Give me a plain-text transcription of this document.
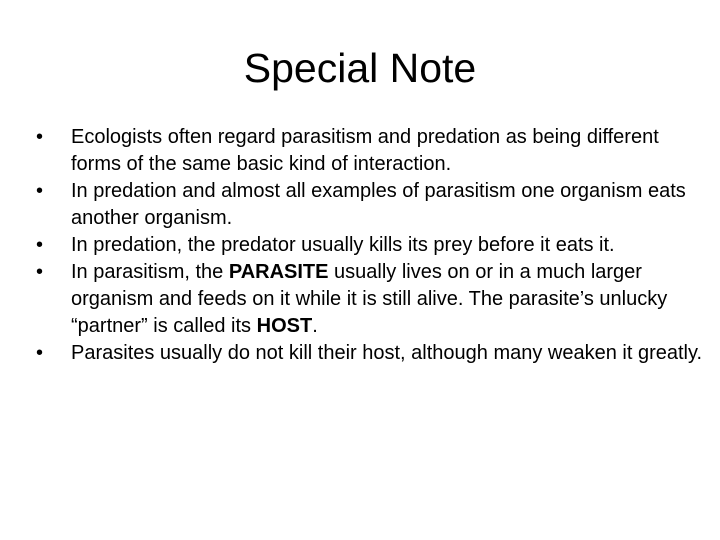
Special Note
•	Ecologists often regard parasitism and predation as being different forms of the same basic kind of interaction.
•	In predation and almost all examples of parasitism one organism eats another organism.
•	In predation, the predator usually kills its prey before it eats it.
•	In parasitism, the PARASITE usually lives on or in a much larger organism and feeds on it while it is still alive. The parasite’s unlucky “partner” is called its HOST.
•	Parasites usually do not kill their host, although many weaken it greatly.
